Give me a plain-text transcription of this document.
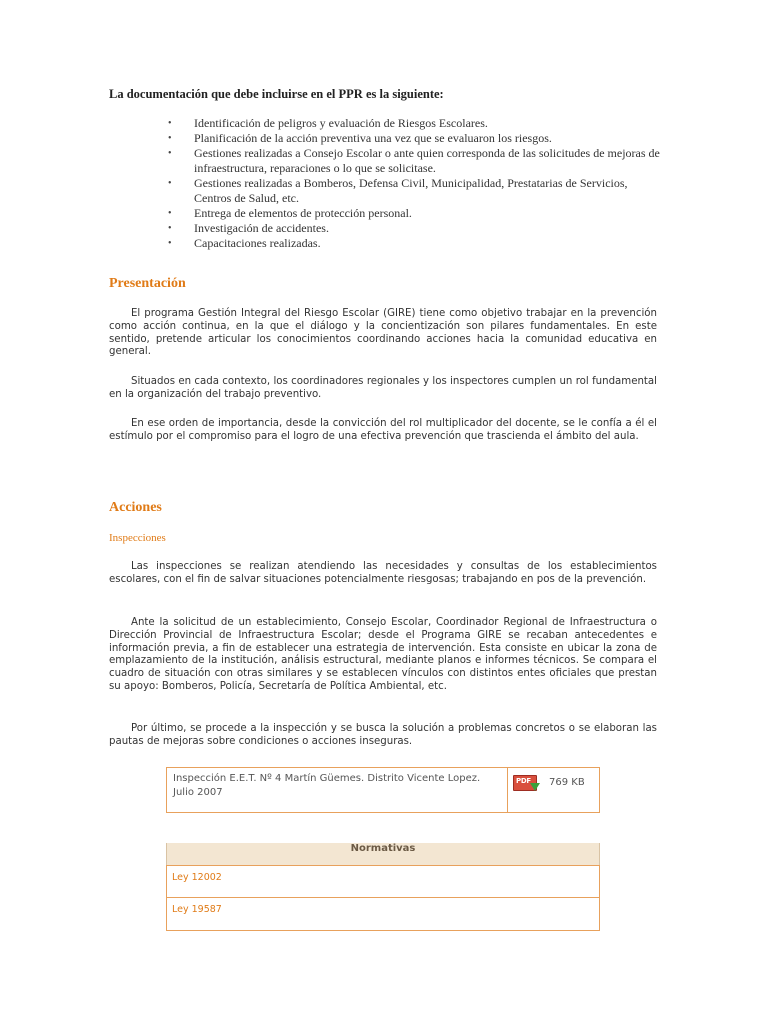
La documentación que debe incluirse en el PPR es la siguiente:
• Identificación de peligros y evaluación de Riesgos Escolares.
• Planificación de la acción preventiva una vez que se evaluaron los riesgos.
• Gestiones realizadas a Consejo Escolar o ante quien corresponda de las solicitudes de mejoras de infraestructura, reparaciones o lo que se solicitase.
• Gestiones realizadas a Bomberos, Defensa Civil, Municipalidad, Prestatarias de Servicios, Centros de Salud, etc.
• Entrega de elementos de protección personal.
• Investigación de accidentes.
• Capacitaciones realizadas.
Presentación

El programa Gestión Integral del Riesgo Escolar (GIRE) tiene como objetivo trabajar en la prevención como acción continua, en la que el diálogo y la concientización son pilares fundamentales. En este sentido, pretende articular los conocimientos coordinando acciones hacia la comunidad educativa en general.

Situados en cada contexto, los coordinadores regionales y los inspectores cumplen un rol fundamental en la organización del trabajo preventivo.

En ese orden de importancia, desde la convicción del rol multiplicador del docente, se le confía a él el estímulo por el compromiso para el logro de una efectiva prevención que trascienda el ámbito del aula.

Acciones
Inspecciones

Las inspecciones se realizan atendiendo las necesidades y consultas de los establecimientos escolares, con el fin de salvar situaciones potencialmente riesgosas; trabajando en pos de la prevención.

Ante la solicitud de un establecimiento, Consejo Escolar, Coordinador Regional de Infraestructura o Dirección Provincial de Infraestructura Escolar; desde el Programa GIRE se recaban antecedentes e información previa, a fin de establecer una estrategia de intervención. Esta consiste en ubicar la zona de emplazamiento de la institución, análisis estructural, mediante planos e informes técnicos. Se compara el cuadro de situación con otras similares y se establecen vínculos con distintos entes oficiales que prestan su apoyo: Bomberos, Policía, Secretaría de Política Ambiental, etc.

Por último, se procede a la inspección y se busca la solución a problemas concretos o se elaboran las pautas de mejoras sobre condiciones o acciones inseguras.

Inspección E.E.T. Nº 4 Martín Güemes. Distrito Vicente Lopez. Julio 2007
PDF 769 KB
Normativas
Ley 12002
Ley 19587
